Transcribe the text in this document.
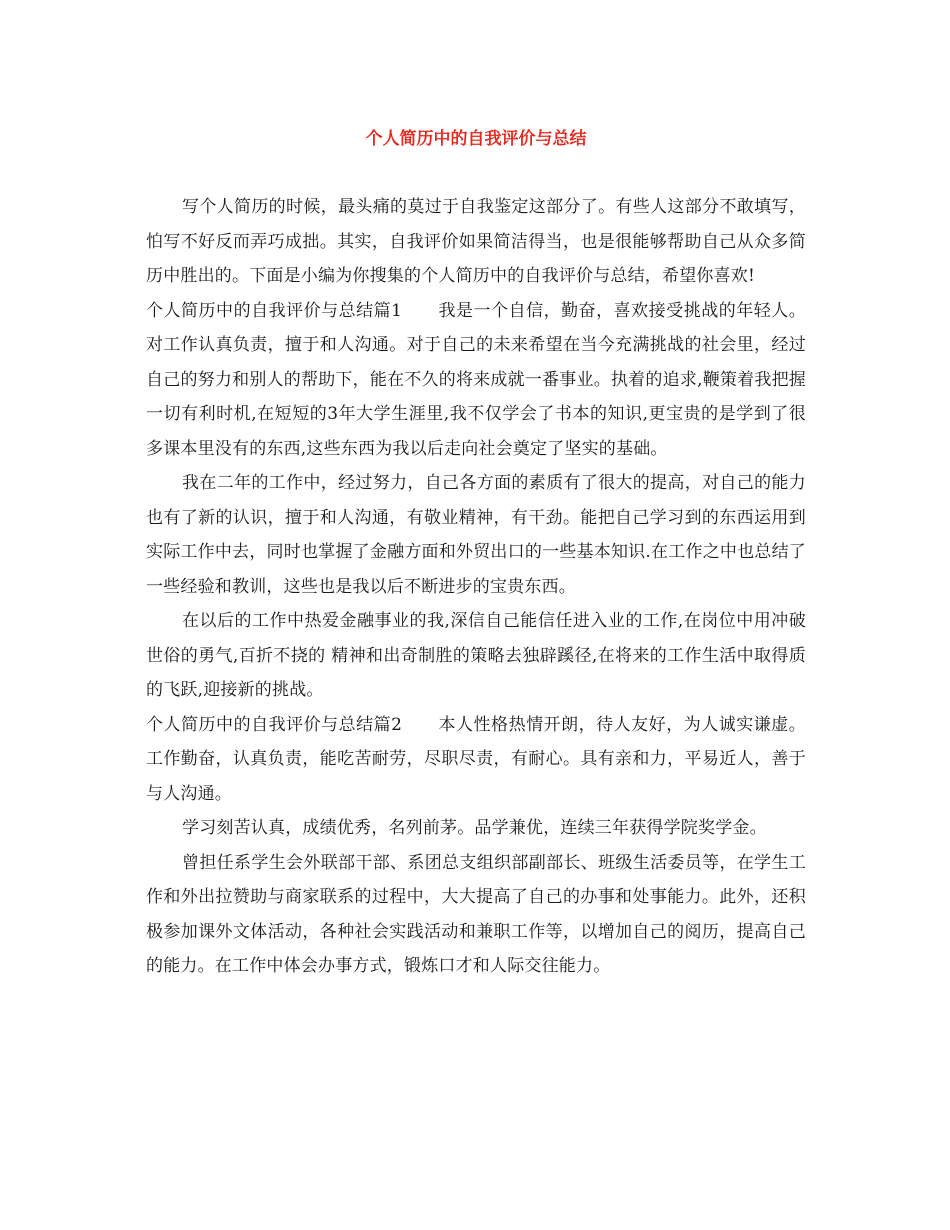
个人简历中的自我评价与总结

写个人简历的时候，最头痛的莫过于自我鉴定这部分了。有些人这部分不敢填写，怕写不好反而弄巧成拙。其实，自我评价如果简洁得当，也是很能够帮助自己从众多简历中胜出的。下面是小编为你搜集的个人简历中的自我评价与总结，希望你喜欢!

个人简历中的自我评价与总结篇1 我是一个自信，勤奋，喜欢接受挑战的年轻人。对工作认真负责，擅于和人沟通。对于自己的未来希望在当今充满挑战的社会里，经过自己的努力和别人的帮助下，能在不久的将来成就一番事业。执着的追求,鞭策着我把握一切有利时机,在短短的3年大学生涯里,我不仅学会了书本的知识,更宝贵的是学到了很多课本里没有的东西,这些东西为我以后走向社会奠定了坚实的基础。

我在二年的工作中，经过努力，自己各方面的素质有了很大的提高，对自己的能力也有了新的认识，擅于和人沟通，有敬业精神，有干劲。能把自己学习到的东西运用到实际工作中去，同时也掌握了金融方面和外贸出口的一些基本知识.在工作之中也总结了一些经验和教训，这些也是我以后不断进步的宝贵东西。

在以后的工作中热爱金融事业的我,深信自己能信任进入业的工作,在岗位中用冲破世俗的勇气,百折不挠的 精神和出奇制胜的策略去独辟蹊径,在将来的工作生活中取得质的飞跃,迎接新的挑战。

个人简历中的自我评价与总结篇2 本人性格热情开朗，待人友好，为人诚实谦虚。工作勤奋，认真负责，能吃苦耐劳，尽职尽责，有耐心。具有亲和力，平易近人，善于与人沟通。

学习刻苦认真，成绩优秀，名列前茅。品学兼优，连续三年获得学院奖学金。

曾担任系学生会外联部干部、系团总支组织部副部长、班级生活委员等，在学生工作和外出拉赞助与商家联系的过程中，大大提高了自己的办事和处事能力。此外，还积极参加课外文体活动，各种社会实践活动和兼职工作等，以增加自己的阅历，提高自己的能力。在工作中体会办事方式，锻炼口才和人际交往能力。
